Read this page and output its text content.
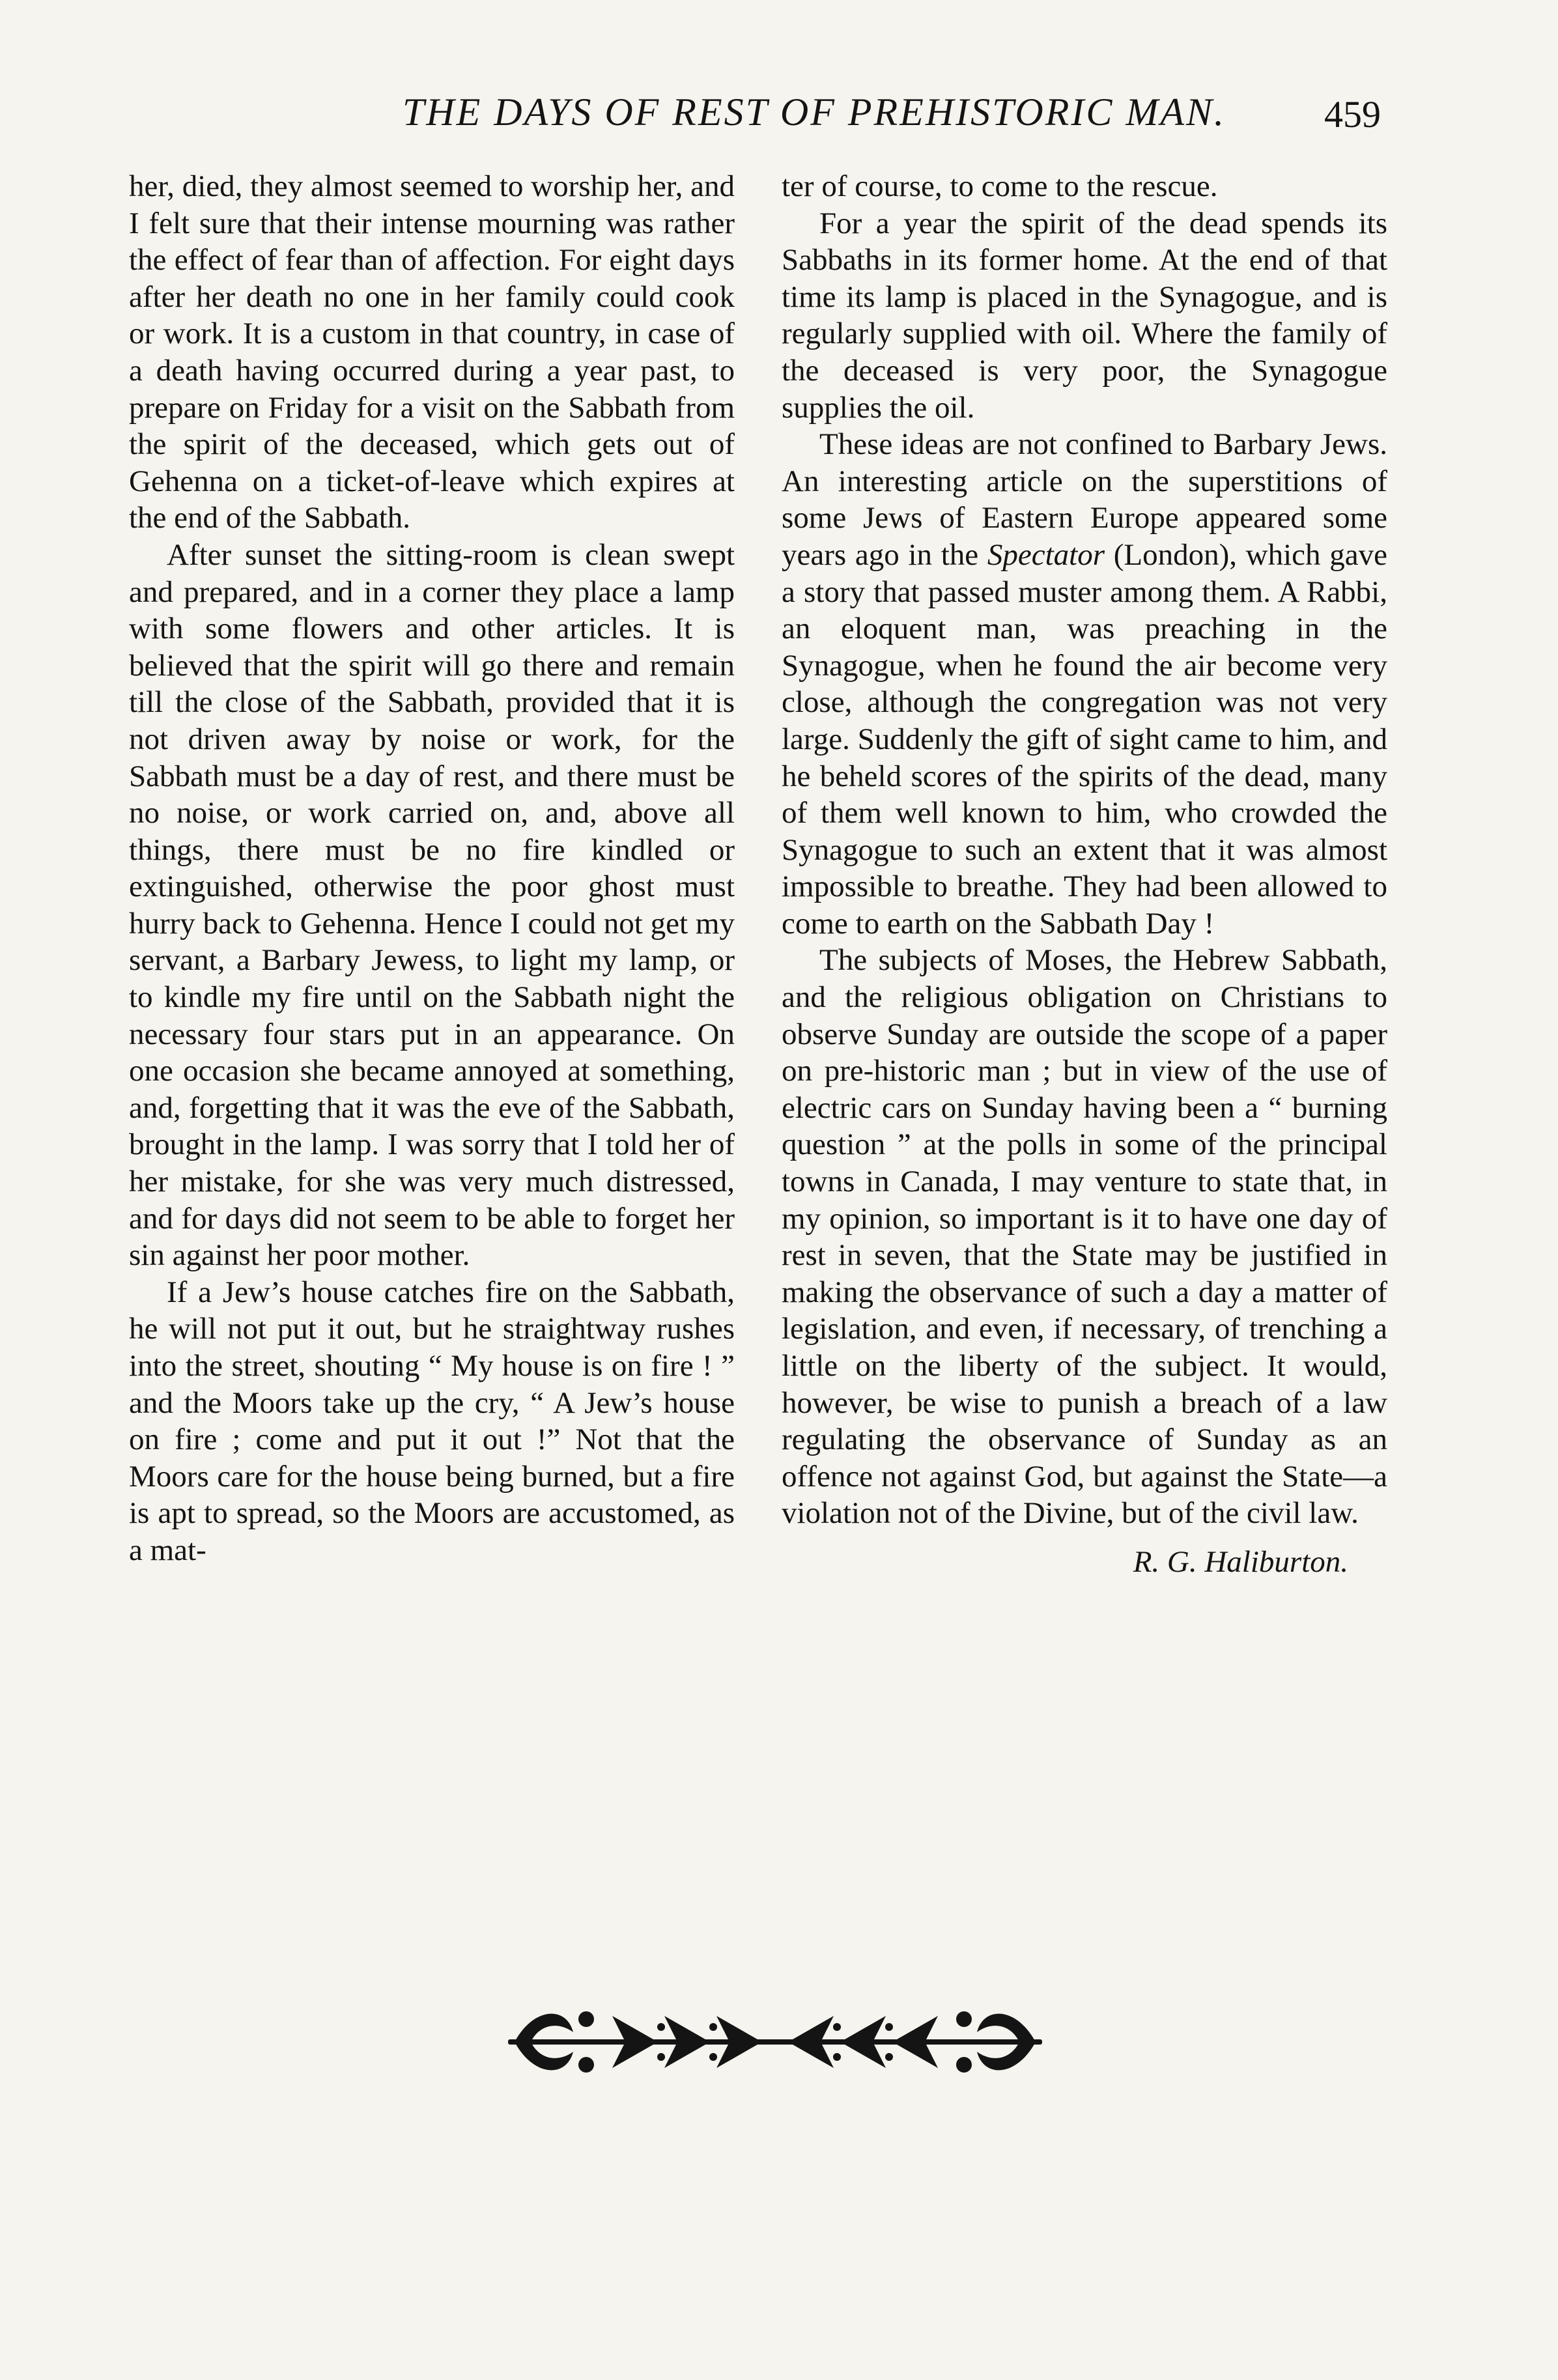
THE DAYS OF REST OF PREHISTORIC MAN.	459

her, died, they almost seemed to worship her, and I felt sure that their intense mourning was rather the effect of fear than of affection. For eight days after her death no one in her family could cook or work. It is a custom in that country, in case of a death having occurred during a year past, to prepare on Friday for a visit on the Sabbath from the spirit of the deceased, which gets out of Gehenna on a ticket-of-leave which expires at the end of the Sabbath.

After sunset the sitting-room is clean swept and prepared, and in a corner they place a lamp with some flowers and other articles. It is believed that the spirit will go there and remain till the close of the Sabbath, provided that it is not driven away by noise or work, for the Sabbath must be a day of rest, and there must be no noise, or work carried on, and, above all things, there must be no fire kindled or extinguished, otherwise the poor ghost must hurry back to Gehenna. Hence I could not get my servant, a Barbary Jewess, to light my lamp, or to kindle my fire until on the Sabbath night the necessary four stars put in an appearance. On one occasion she became annoyed at something, and, forgetting that it was the eve of the Sabbath, brought in the lamp. I was sorry that I told her of her mistake, for she was very much distressed, and for days did not seem to be able to forget her sin against her poor mother.

If a Jew’s house catches fire on the Sabbath, he will not put it out, but he straightway rushes into the street, shouting “ My house is on fire ! ” and the Moors take up the cry, “ A Jew’s house on fire ; come and put it out !” Not that the Moors care for the house being burned, but a fire is apt to spread, so the Moors are accustomed, as a mat-

ter of course, to come to the rescue.

For a year the spirit of the dead spends its Sabbaths in its former home. At the end of that time its lamp is placed in the Synagogue, and is regularly supplied with oil. Where the family of the deceased is very poor, the Synagogue supplies the oil.

These ideas are not confined to Barbary Jews. An interesting article on the superstitions of some Jews of Eastern Europe appeared some years ago in the Spectator (London), which gave a story that passed muster among them. A Rabbi, an eloquent man, was preaching in the Synagogue, when he found the air become very close, although the congregation was not very large. Suddenly the gift of sight came to him, and he beheld scores of the spirits of the dead, many of them well known to him, who crowded the Synagogue to such an extent that it was almost impossible to breathe. They had been allowed to come to earth on the Sabbath Day !

The subjects of Moses, the Hebrew Sabbath, and the religious obligation on Christians to observe Sunday are outside the scope of a paper on pre-historic man ; but in view of the use of electric cars on Sunday having been a “ burning question ” at the polls in some of the principal towns in Canada, I may venture to state that, in my opinion, so important is it to have one day of rest in seven, that the State may be justified in making the observance of such a day a matter of legislation, and even, if necessary, of trenching a little on the liberty of the subject. It would, however, be wise to punish a breach of a law regulating the observance of Sunday as an offence not against God, but against the State—a violation not of the Divine, but of the civil law.

R. G. Haliburton.
